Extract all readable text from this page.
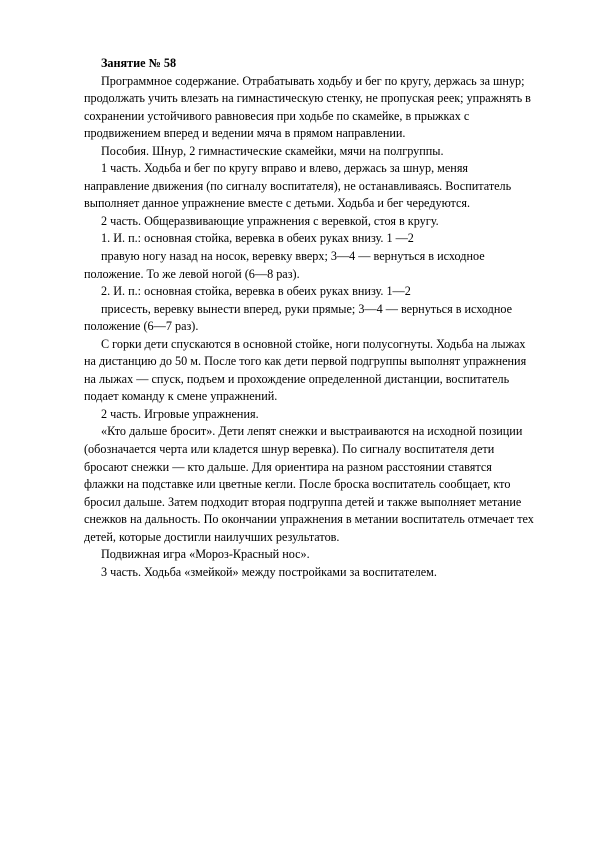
Занятие № 58

Программное содержание. Отрабатывать ходьбу и бег по кругу, держась за шнур; продолжать учить влезать на гимнастическую стенку, не пропуская реек; упражнять в сохранении устойчивого равновесия при ходьбе по скамейке, в прыжках с продвижением вперед и ведении мяча в прямом направлении.

Пособия. Шнур, 2 гимнастические скамейки, мячи на полгруппы.

1 часть. Ходьба и бег по кругу вправо и влево, держась за шнур, меняя направление движения (по сигналу воспитателя), не останавливаясь. Воспитатель выполняет данное упражнение вместе с детьми. Ходьба и бег чередуются.

2 часть. Общеразвивающие упражнения с веревкой, стоя в кругу.

1. И. п.: основная стойка, веревка в обеих руках внизу. 1 —2

правую ногу назад на носок, веревку вверх; 3—4 — вернуться в исходное положение. То же левой ногой (6—8 раз).

2. И. п.: основная стойка, веревка в обеих руках внизу. 1—2

присесть, веревку вынести вперед, руки прямые; 3—4 — вернуться в исходное положение (6—7 раз).

С горки дети спускаются в основной стойке, ноги полусогнуты. Ходьба на лыжах на дистанцию до 50 м. После того как дети первой подгруппы выполнят упражнения на лыжах — спуск, подъем и прохождение определенной дистанции, воспитатель подает команду к смене упражнений.

2 часть. Игровые упражнения.

«Кто дальше бросит». Дети лепят снежки и выстраиваются на исходной позиции (обозначается черта или кладется шнур веревка). По сигналу воспитателя дети бросают снежки — кто дальше. Для ориентира на разном расстоянии ставятся флажки на подставке или цветные кегли. После броска воспитатель сообщает, кто бросил дальше. Затем подходит вторая подгруппа детей и также выполняет метание снежков на дальность. По окончании упражнения в метании воспитатель отмечает тех детей, которые достигли наилучших результатов.

Подвижная игра «Мороз-Красный нос».

3 часть. Ходьба «змейкой» между постройками за воспитателем.
